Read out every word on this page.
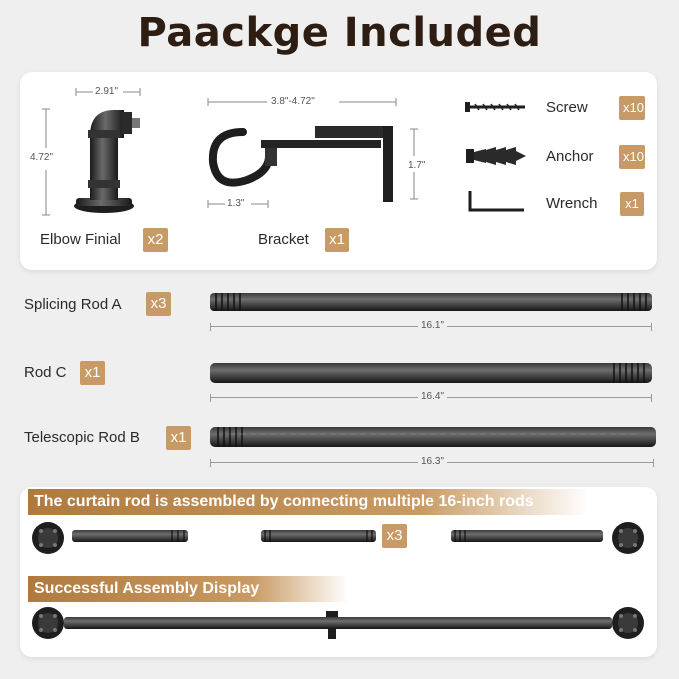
Paackge Included
2.91"
4.72"
Elbow Finial	x2
3.8"-4.72"
1.7"
1.3"
Bracket x1
Screw	x10
Anchor	x10
Wrench	x1
Splicing Rod A	x3
16.1"
Rod C	x1
16.4"
Telescopic Rod B	x1
16.3"
The curtain rod is assembled by connecting multiple 16-inch rods
x3
Successful Assembly Display
